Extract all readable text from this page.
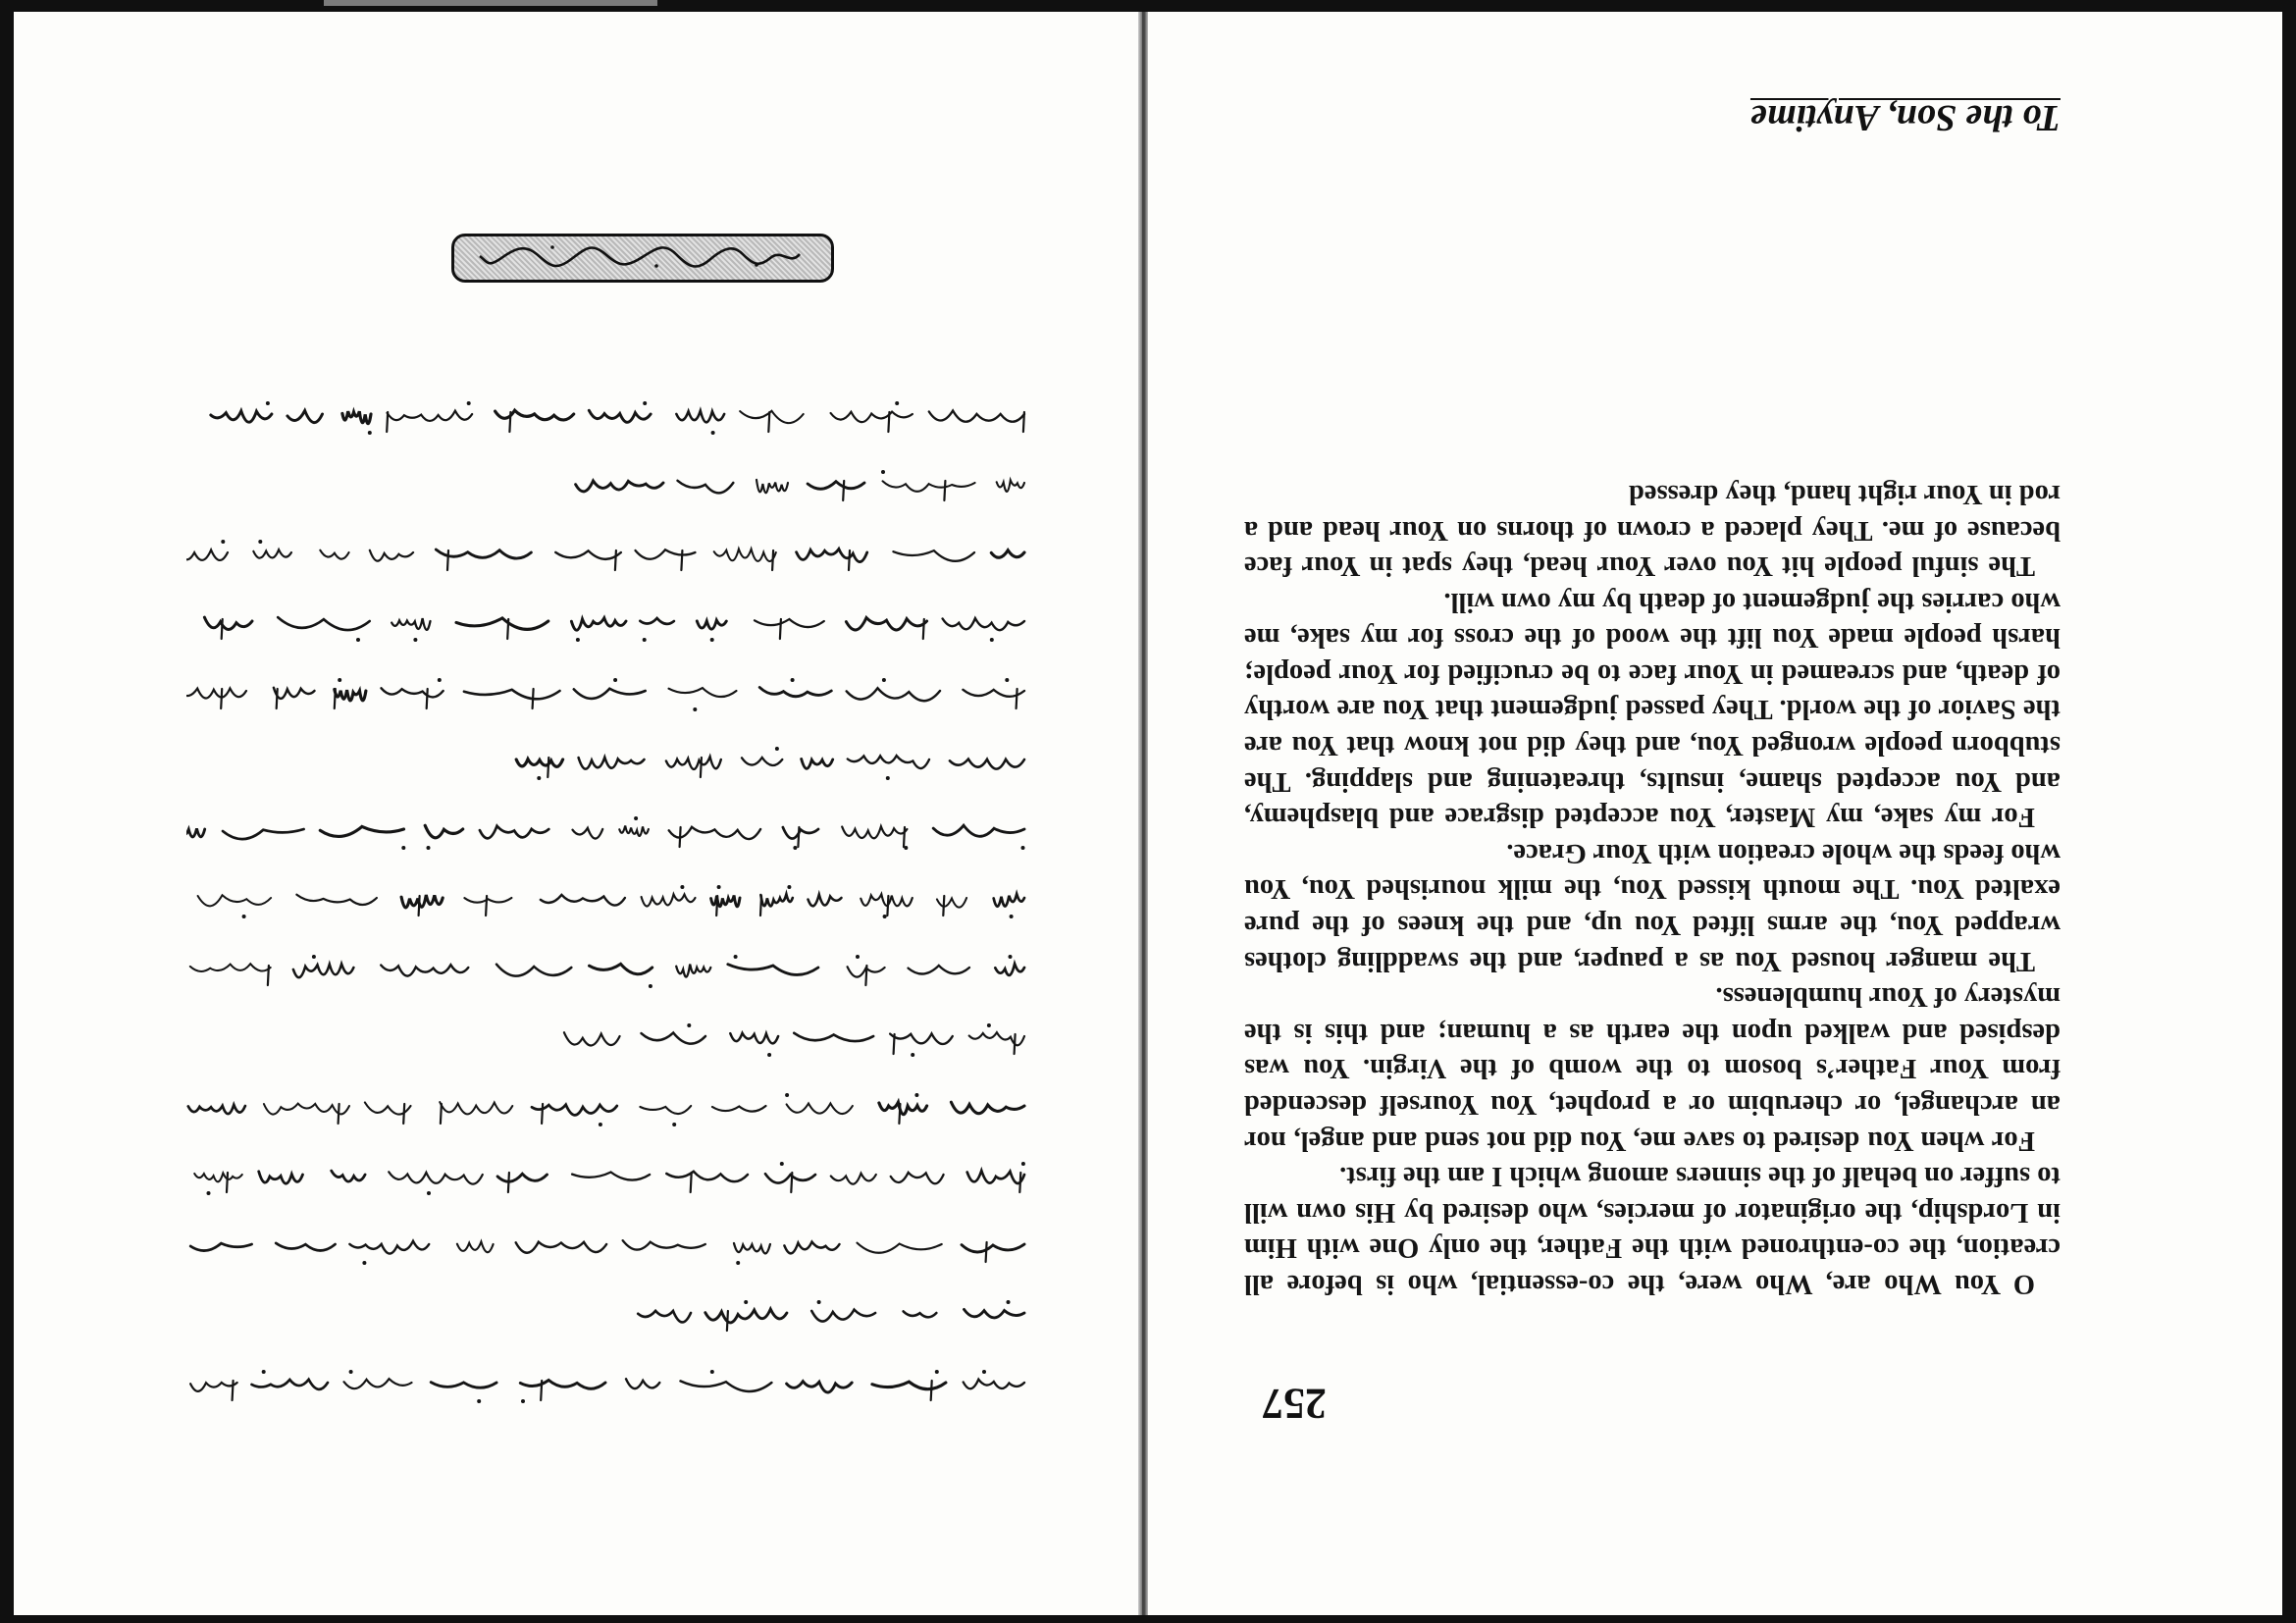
257

O You Who are, Who were, the co-essential, who is before all creation, the co-enthroned with the Father, the only One with Him in Lordship, the originator of mercies, who desired by His own will to suffer on behalf of the sinners among which I am the first.

For when You desired to save me, You did not send and angel, nor an archangel, or cherubim or a prophet, You Yourself descended from Your Father’s bosom to the womb of the Virgin. You was despised and walked upon the earth as a human; and this is the mystery of Your humbleness.

The manger housed You as a pauper, and the swaddling clothes wrapped You, the arms lifted You up, and the knees of the pure exalted You. The mouth kissed You, the milk nourished You, You who feeds the whole creation with Your Grace.

For my sake, my Master, You accepted disgrace and blasphemy, and You accepted shame, insults, threatening and slapping. The stubborn people wronged You, and they did not know that You are the Savior of the world. They passed judgement that You are worthy of death, and screamed in Your face to be crucified for Your people; harsh people made You lift the wood of the cross for my sake, me who carries the judgement of death by my own will.

The sinful people hit You over Your head, they spat in Your face because of me. They placed a crown of thorns on Your head and a rod in Your right hand, they dressed

To the Son, Anytime
